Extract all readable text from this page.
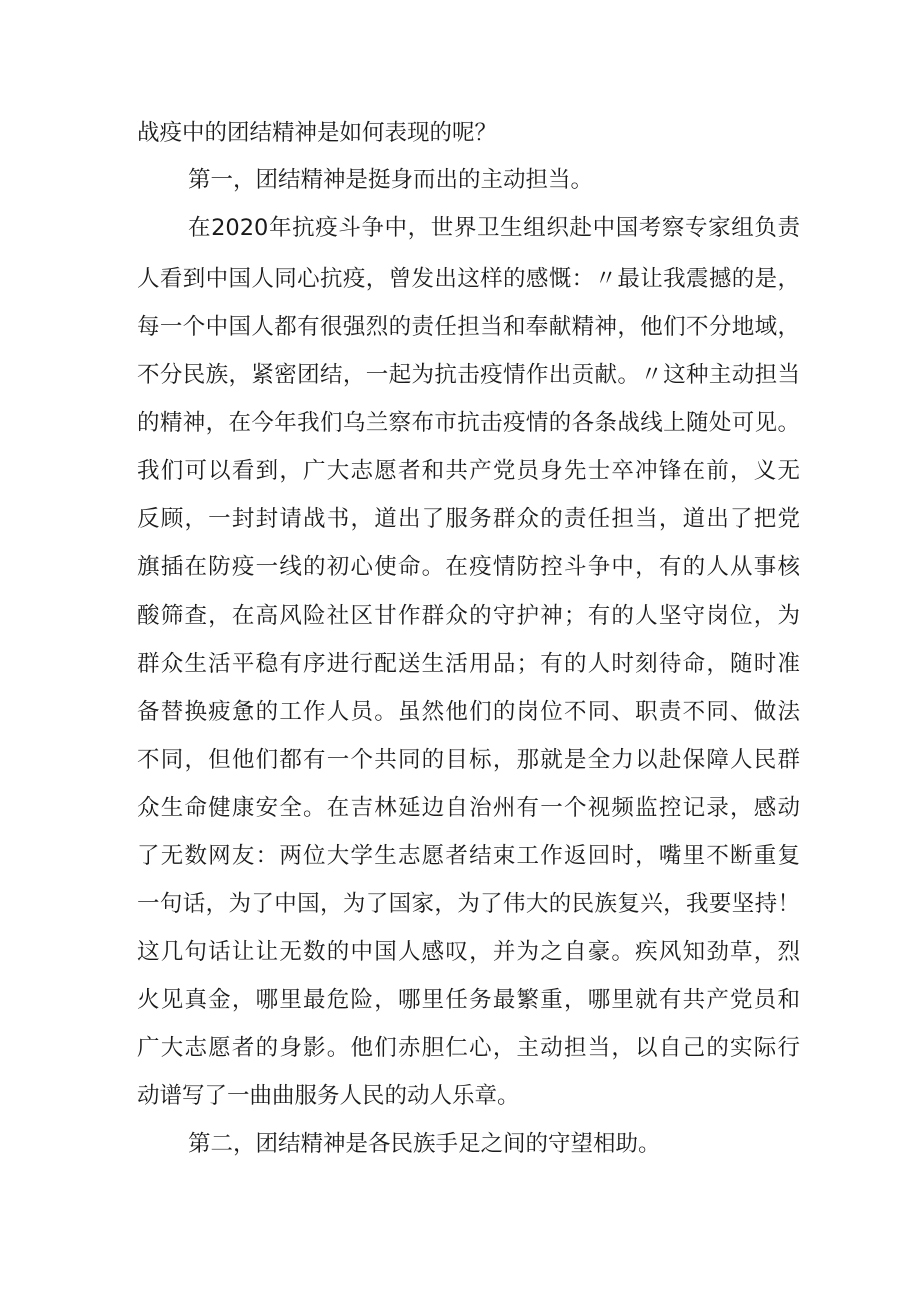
战疫中的团结精神是如何表现的呢？
第一，团结精神是挺身而出的主动担当。
在2020年抗疫斗争中，世界卫生组织赴中国考察专家组负责
人看到中国人同心抗疫，曾发出这样的感慨：〃最让我震撼的是，
每一个中国人都有很强烈的责任担当和奉献精神，他们不分地域，
不分民族，紧密团结，一起为抗击疫情作出贡献。〃这种主动担当
的精神，在今年我们乌兰察布市抗击疫情的各条战线上随处可见。
我们可以看到，广大志愿者和共产党员身先士卒冲锋在前，义无
反顾，一封封请战书，道出了服务群众的责任担当，道出了把党
旗插在防疫一线的初心使命。在疫情防控斗争中，有的人从事核
酸筛查，在高风险社区甘作群众的守护神；有的人坚守岗位，为
群众生活平稳有序进行配送生活用品；有的人时刻待命，随时准
备替换疲惫的工作人员。虽然他们的岗位不同、职责不同、做法
不同，但他们都有一个共同的目标，那就是全力以赴保障人民群
众生命健康安全。在吉林延边自治州有一个视频监控记录，感动
了无数网友：两位大学生志愿者结束工作返回时，嘴里不断重复
一句话，为了中国，为了国家，为了伟大的民族复兴，我要坚持！
这几句话让让无数的中国人感叹，并为之自豪。疾风知劲草，烈
火见真金，哪里最危险，哪里任务最繁重，哪里就有共产党员和
广大志愿者的身影。他们赤胆仁心，主动担当，以自己的实际行
动谱写了一曲曲服务人民的动人乐章。
第二，团结精神是各民族手足之间的守望相助。
